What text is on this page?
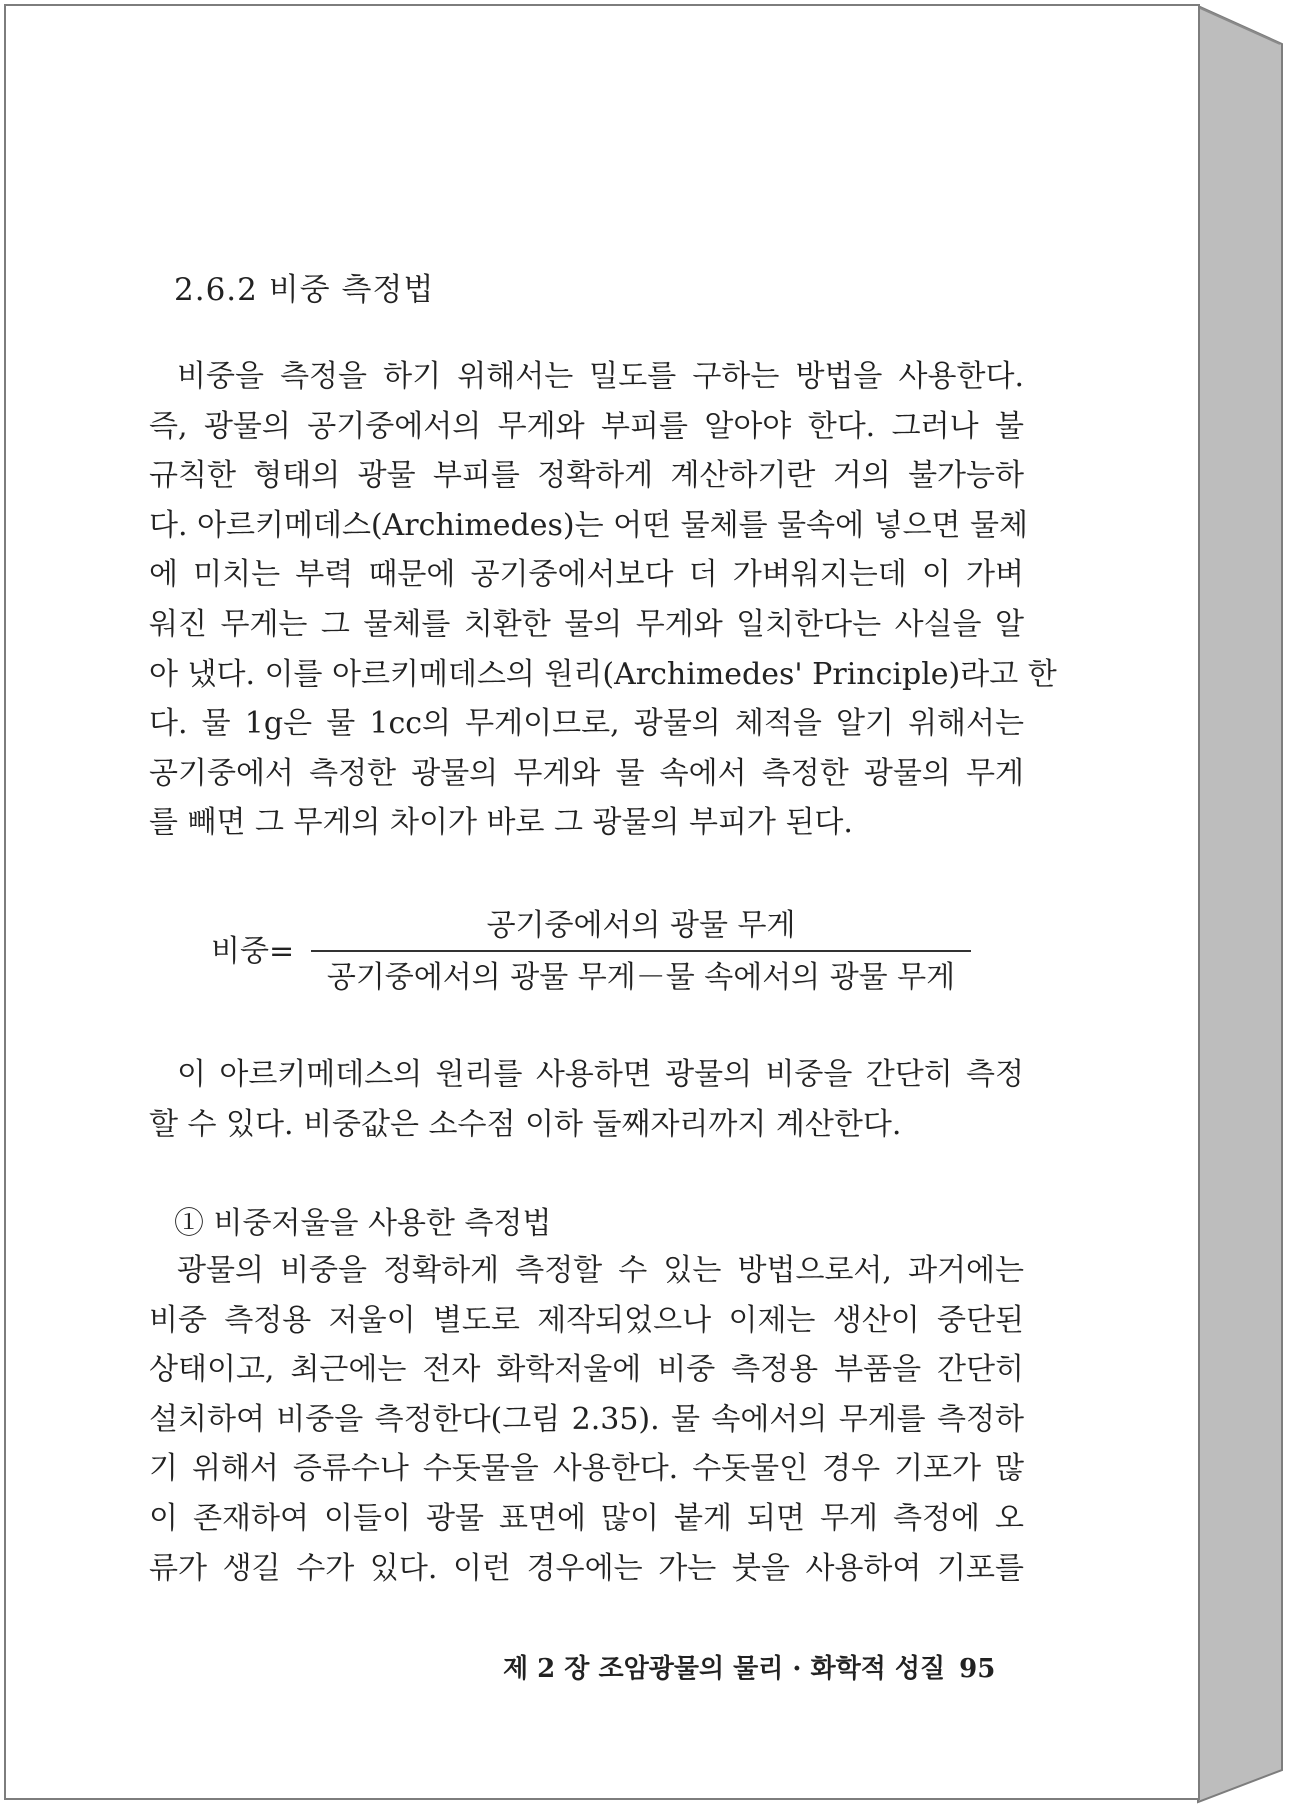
2.6.2 비중 측정법
비중을 측정을 하기 위해서는 밀도를 구하는 방법을 사용한다.
즉, 광물의 공기중에서의 무게와 부피를 알아야 한다. 그러나 불
규칙한 형태의 광물 부피를 정확하게 계산하기란 거의 불가능하
다. 아르키메데스(Archimedes)는 어떤 물체를 물속에 넣으면 물체
에 미치는 부력 때문에 공기중에서보다 더 가벼워지는데 이 가벼
워진 무게는 그 물체를 치환한 물의 무게와 일치한다는 사실을 알
아 냈다. 이를 아르키메데스의 원리(Archimedes' Principle)라고 한
다. 물 1g은 물 1cc의 무게이므로, 광물의 체적을 알기 위해서는
공기중에서 측정한 광물의 무게와 물 속에서 측정한 광물의 무게
를 빼면 그 무게의 차이가 바로 그 광물의 부피가 된다.
비중=
공기중에서의 광물 무게
공기중에서의 광물 무게－물 속에서의 광물 무게
이 아르키메데스의 원리를 사용하면 광물의 비중을 간단히 측정
할 수 있다. 비중값은 소수점 이하 둘째자리까지 계산한다.
① 비중저울을 사용한 측정법
광물의 비중을 정확하게 측정할 수 있는 방법으로서, 과거에는
비중 측정용 저울이 별도로 제작되었으나 이제는 생산이 중단된
상태이고, 최근에는 전자 화학저울에 비중 측정용 부품을 간단히
설치하여 비중을 측정한다(그림 2.35). 물 속에서의 무게를 측정하
기 위해서 증류수나 수돗물을 사용한다. 수돗물인 경우 기포가 많
이 존재하여 이들이 광물 표면에 많이 붙게 되면 무게 측정에 오
류가 생길 수가 있다. 이런 경우에는 가는 붓을 사용하여 기포를
제 2 장 조암광물의 물리 · 화학적 성질 95
